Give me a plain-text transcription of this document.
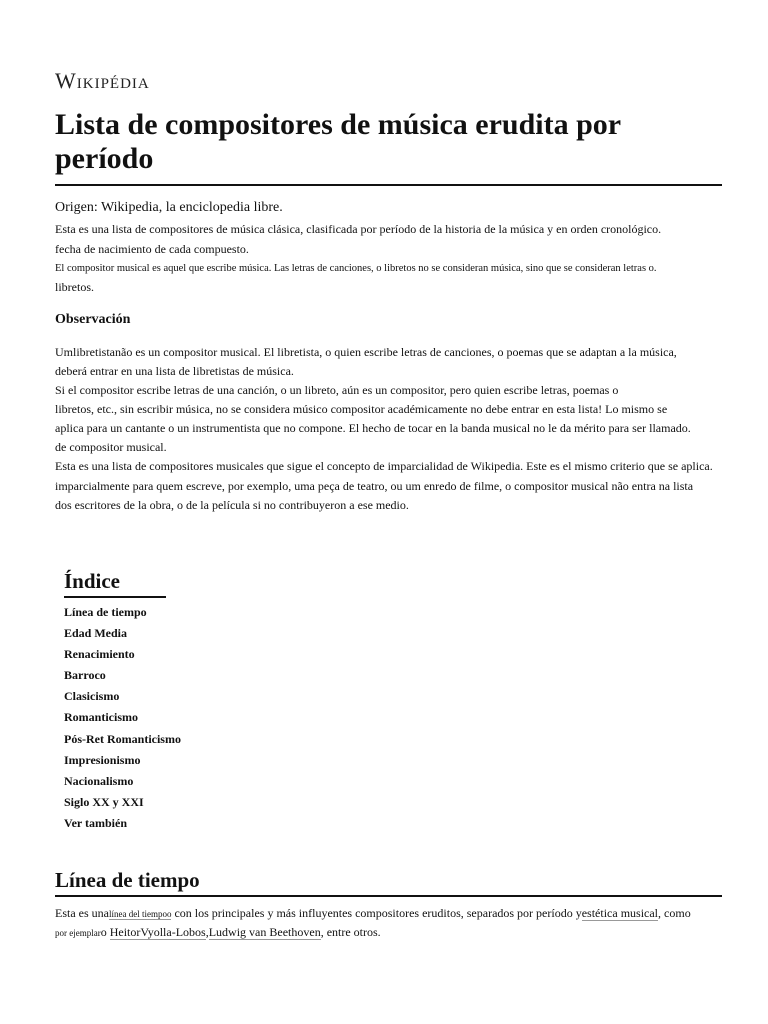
Wikipédia
Lista de compositores de música erudita por período
Origen: Wikipedia, la enciclopedia libre.
Esta es una lista de compositores de música clásica, clasificada por período de la historia de la música y en orden cronológico.
fecha de nacimiento de cada compuesto.
El compositor musical es aquel que escribe música. Las letras de canciones, o libretos no se consideran música, sino que se consideran letras o.
libretos.
Observación
Umlibretistanão es un compositor musical. El libretista, o quien escribe letras de canciones, o poemas que se adaptan a la música,
deberá entrar en una lista de libretistas de música.
Si el compositor escribe letras de una canción, o un libreto, aún es un compositor, pero quien escribe letras, poemas o
libretos, etc., sin escribir música, no se considera músico compositor académicamente no debe entrar en esta lista! Lo mismo se
aplica para un cantante o un instrumentista que no compone. El hecho de tocar en la banda musical no le da mérito para ser llamado.
de compositor musical.
Esta es una lista de compositores musicales que sigue el concepto de imparcialidad de Wikipedia. Este es el mismo criterio que se aplica.
imparcialmente para quem escreve, por exemplo, uma peça de teatro, ou um enredo de filme, o compositor musical não entra na lista
dos escritores de la obra, o de la película si no contribuyeron a ese medio.
Índice
Línea de tiempo
Edad Media
Renacimiento
Barroco
Clasicismo
Romanticismo
Pós-Ret Romanticismo
Impresionismo
Nacionalismo
Siglo XX y XXI
Ver también
Línea de tiempo
Esta es unalínea del tiempoo con los principales y más influyentes compositores eruditos, separados por período yestética musical, como
por ejemplaro HeitorVyolla-Lobos,Ludwig van Beethoven, entre otros.
